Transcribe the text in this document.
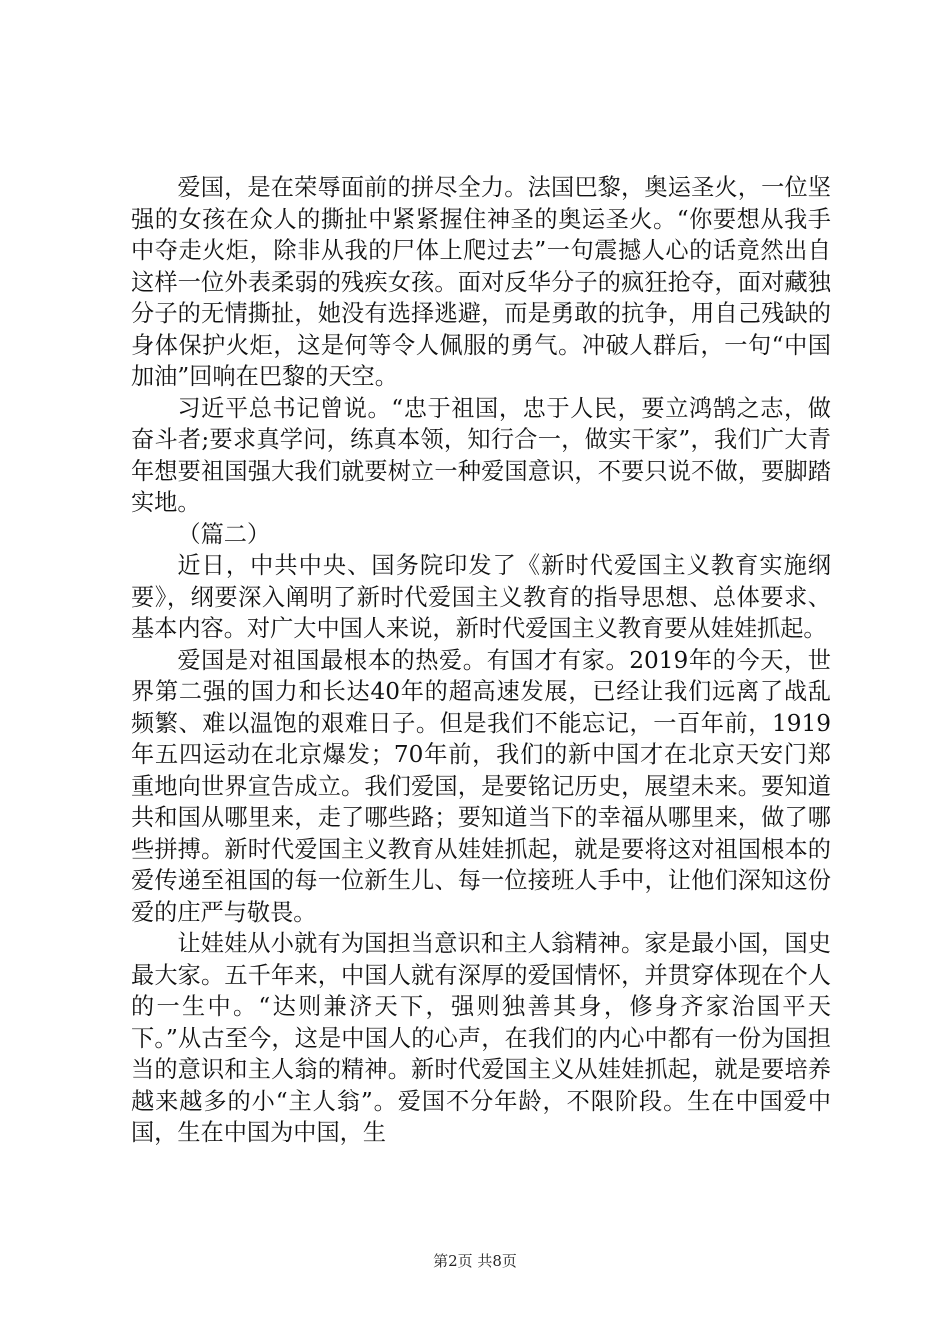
爱国，是在荣辱面前的拼尽全力。法国巴黎，奥运圣火，一位坚强的女孩在众人的撕扯中紧紧握住神圣的奥运圣火。“你要想从我手中夺走火炬，除非从我的尸体上爬过去”一句震撼人心的话竟然出自这样一位外表柔弱的残疾女孩。面对反华分子的疯狂抢夺，面对藏独分子的无情撕扯，她没有选择逃避，而是勇敢的抗争，用自己残缺的身体保护火炬，这是何等令人佩服的勇气。冲破人群后，一句“中国加油”回响在巴黎的天空。

习近平总书记曾说。“忠于祖国，忠于人民，要立鸿鹄之志，做奋斗者;要求真学问，练真本领，知行合一，做实干家”，我们广大青年想要祖国强大我们就要树立一种爱国意识，不要只说不做，要脚踏实地。

（篇二）

近日，中共中央、国务院印发了《新时代爱国主义教育实施纲要》，纲要深入阐明了新时代爱国主义教育的指导思想、总体要求、基本内容。对广大中国人来说，新时代爱国主义教育要从娃娃抓起。

爱国是对祖国最根本的热爱。有国才有家。2019年的今天，世界第二强的国力和长达40年的超高速发展，已经让我们远离了战乱频繁、难以温饱的艰难日子。但是我们不能忘记，一百年前，1919年五四运动在北京爆发；70年前，我们的新中国才在北京天安门郑重地向世界宣告成立。我们爱国，是要铭记历史，展望未来。要知道共和国从哪里来，走了哪些路；要知道当下的幸福从哪里来，做了哪些拼搏。新时代爱国主义教育从娃娃抓起，就是要将这对祖国根本的爱传递至祖国的每一位新生儿、每一位接班人手中，让他们深知这份爱的庄严与敬畏。

让娃娃从小就有为国担当意识和主人翁精神。家是最小国，国史最大家。五千年来，中国人就有深厚的爱国情怀，并贯穿体现在个人的一生中。“达则兼济天下，强则独善其身，修身齐家治国平天下。”从古至今，这是中国人的心声，在我们的内心中都有一份为国担当的意识和主人翁的精神。新时代爱国主义从娃娃抓起，就是要培养越来越多的小“主人翁”。爱国不分年龄，不限阶段。生在中国爱中国，生在中国为中国，生

第2页 共8页
